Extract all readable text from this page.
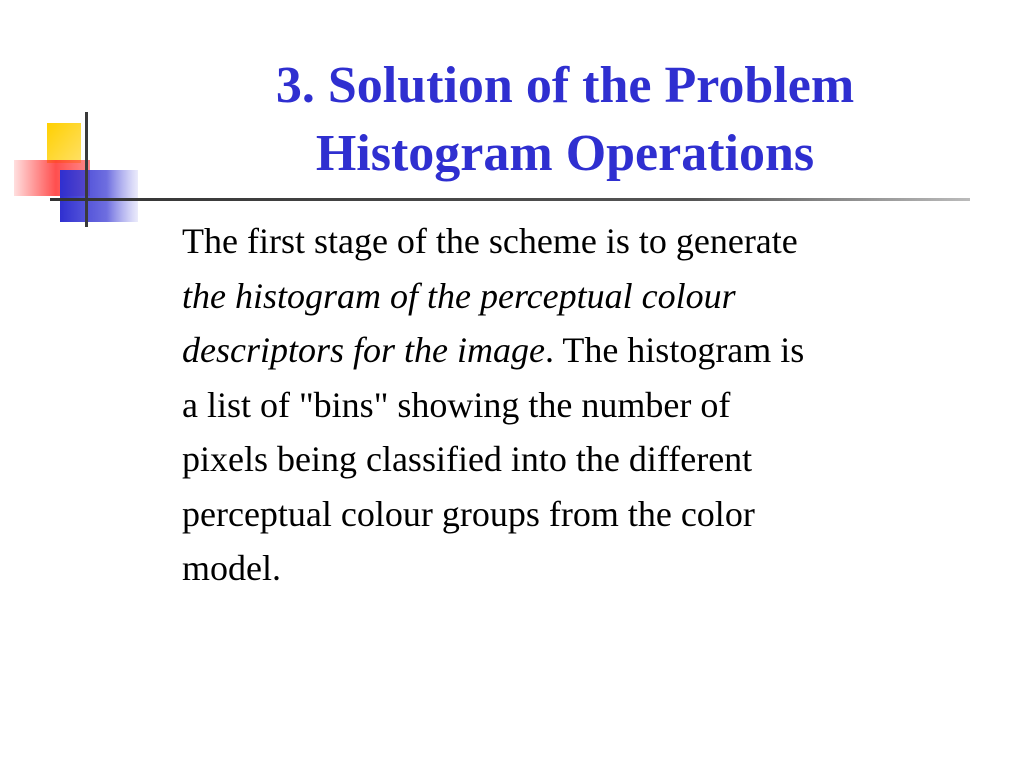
3. Solution of the Problem
Histogram Operations
The first stage of the scheme is to generate
the histogram of the perceptual colour
descriptors for the image. The histogram is
a list of "bins" showing the number of
pixels being classified into the different
perceptual colour groups from the color
model.
